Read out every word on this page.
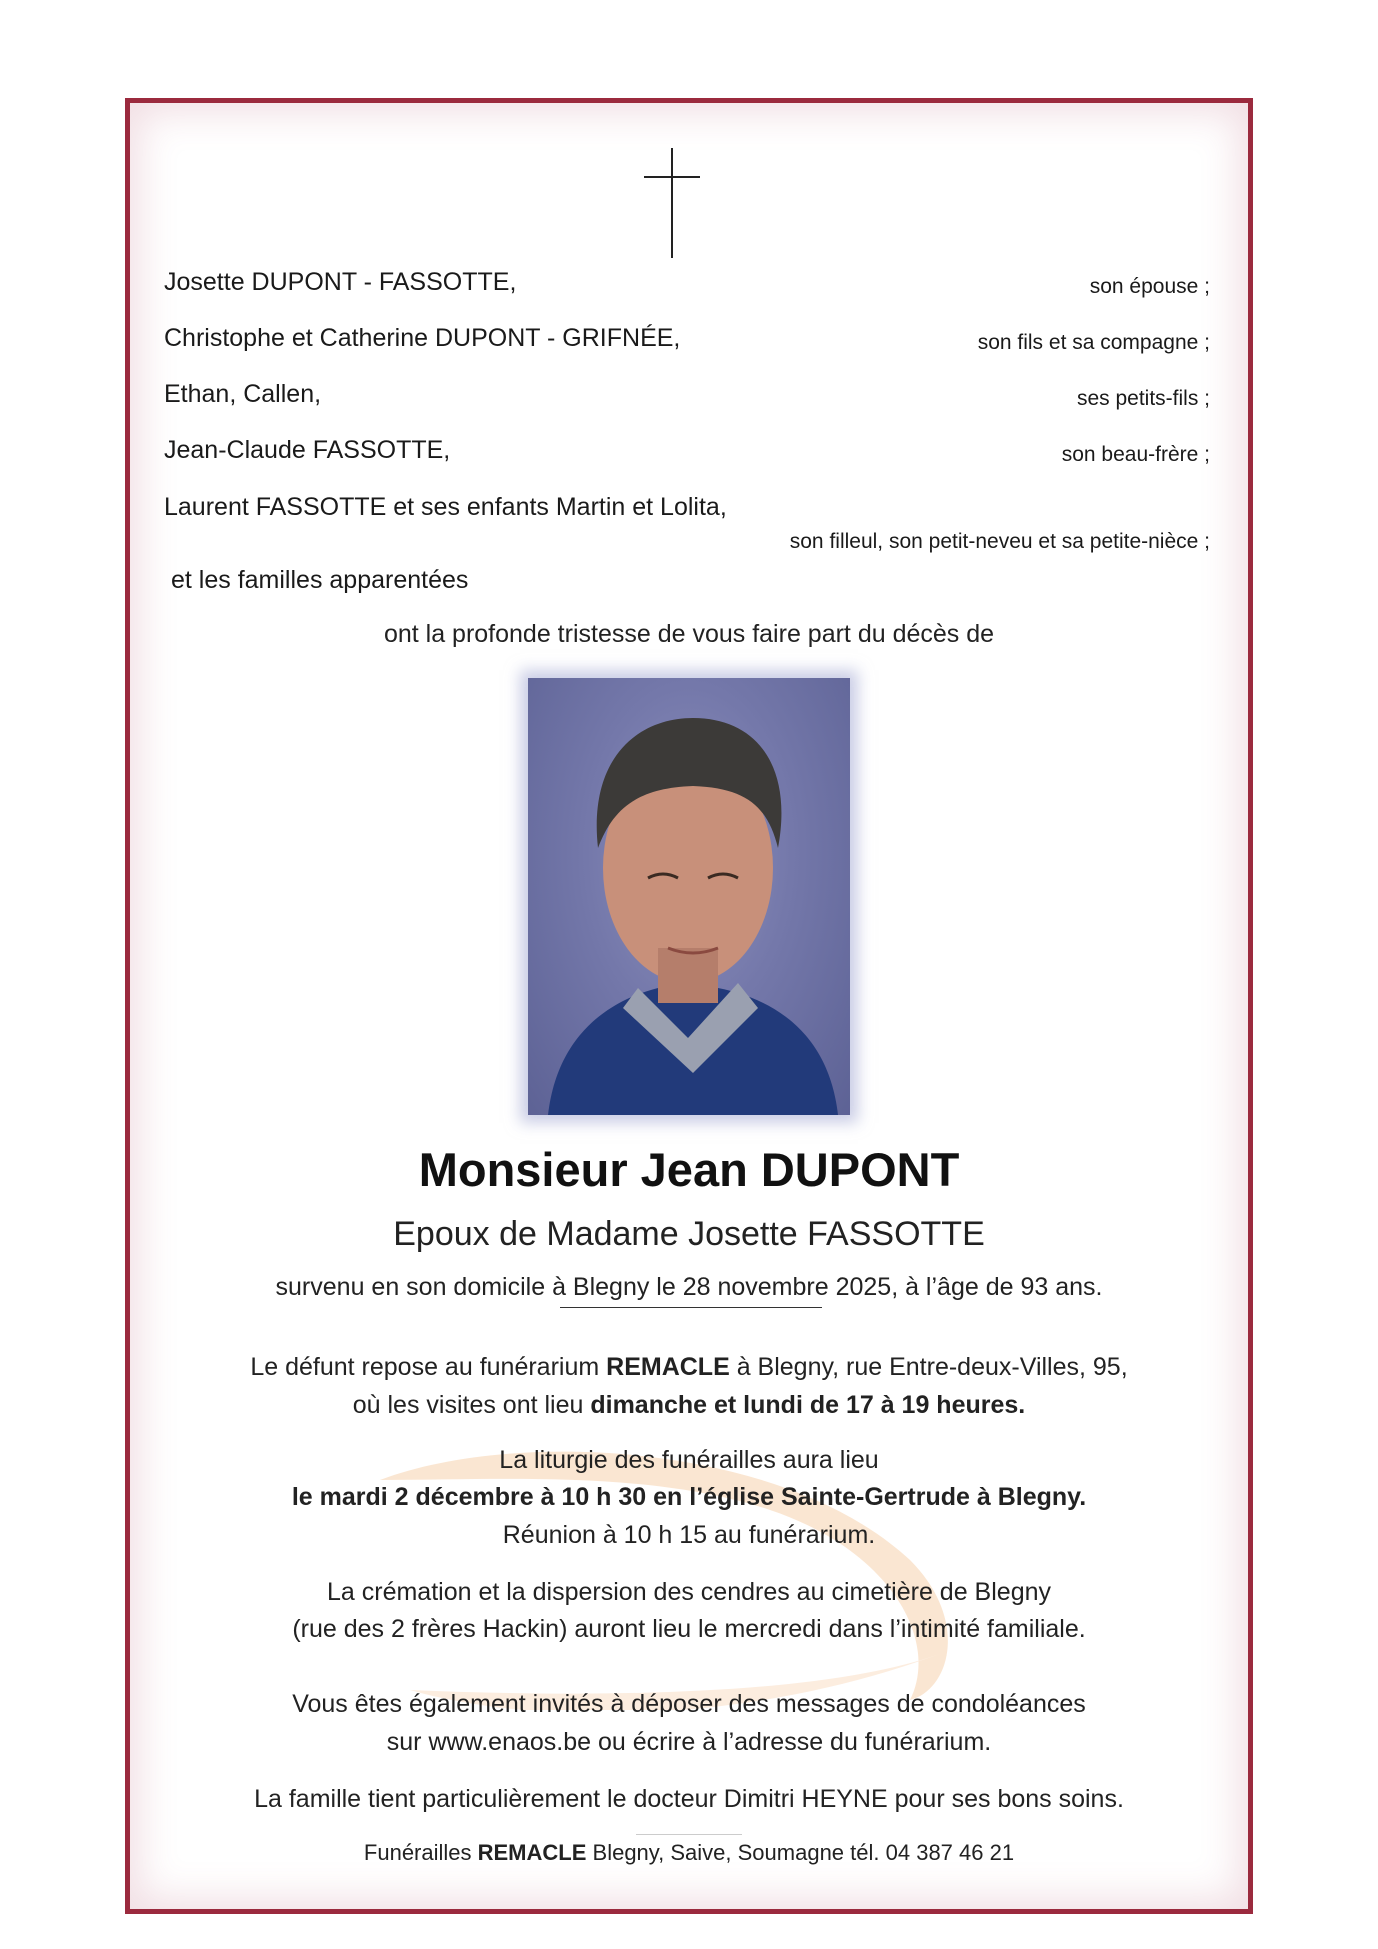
Josette DUPONT - FASSOTTE,	son épouse ;
Christophe et Catherine DUPONT - GRIFNÉE,	son fils et sa compagne ;
Ethan, Callen,	ses petits-fils ;
Jean-Claude FASSOTTE,	son beau-frère ;
Laurent FASSOTTE et ses enfants Martin et Lolita,
son filleul, son petit-neveu et sa petite-nièce ;
et les familles apparentées
ont la profonde tristesse de vous faire part du décès de
Monsieur Jean DUPONT
Epoux de Madame Josette FASSOTTE
survenu en son domicile à Blegny le 28 novembre 2025, à l’âge de 93 ans.
Le défunt repose au funérarium REMACLE à Blegny, rue Entre-deux-Villes, 95,
où les visites ont lieu dimanche et lundi de 17 à 19 heures.
La liturgie des funérailles aura lieu
le mardi 2 décembre à 10 h 30 en l’église Sainte-Gertrude à Blegny.
Réunion à 10 h 15 au funérarium.
La crémation et la dispersion des cendres au cimetière de Blegny
(rue des 2 frères Hackin) auront lieu le mercredi dans l’intimité familiale.
Vous êtes également invités à déposer des messages de condoléances
sur www.enaos.be ou écrire à l’adresse du funérarium.
La famille tient particulièrement le docteur Dimitri HEYNE pour ses bons soins.
Funérailles REMACLE Blegny, Saive, Soumagne tél. 04 387 46 21
